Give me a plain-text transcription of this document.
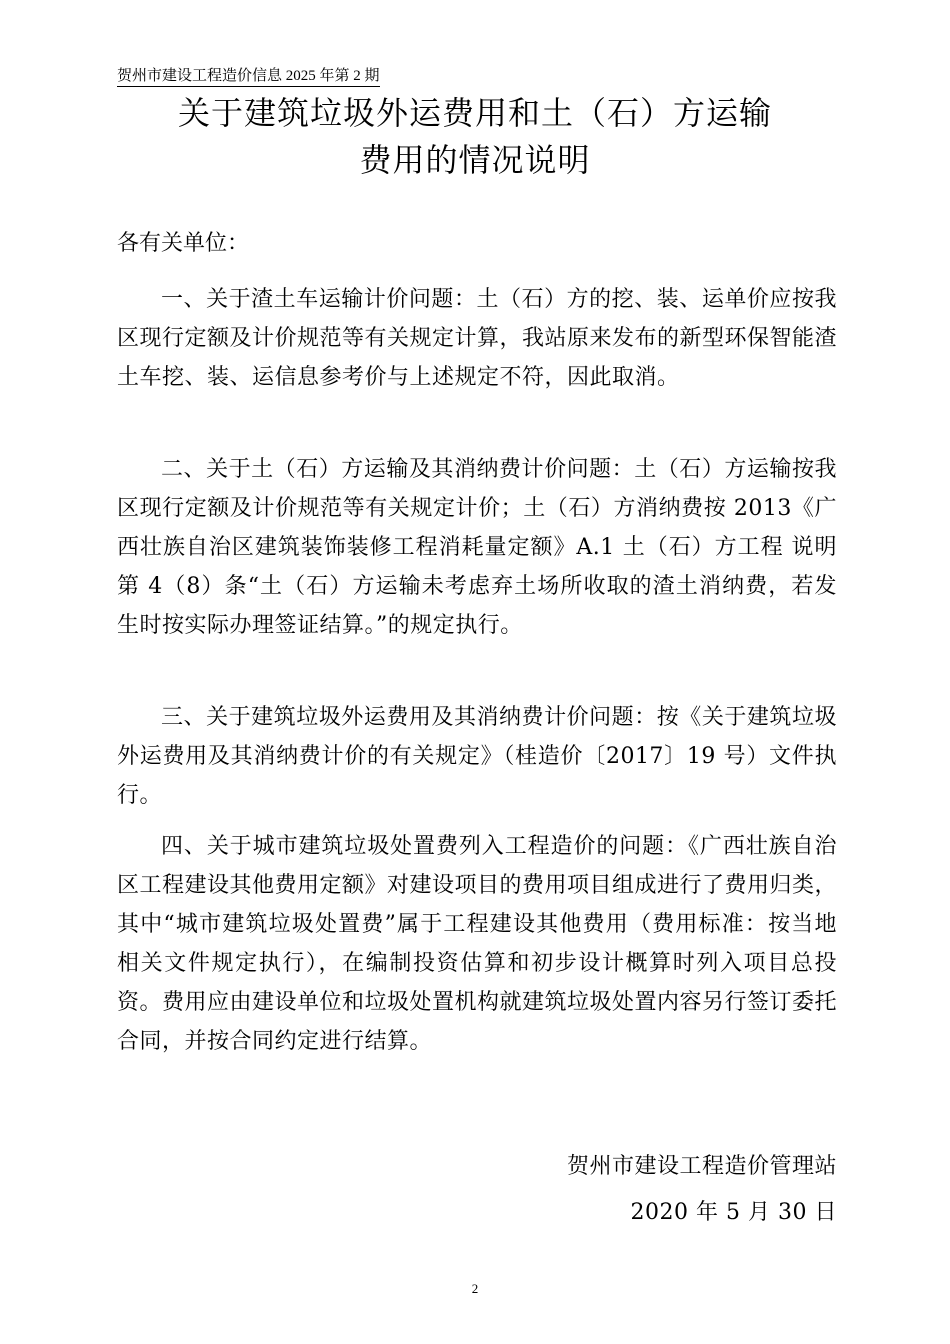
贺州市建设工程造价信息 2025 年第 2 期
关于建筑垃圾外运费用和土（石）方运输
费用的情况说明
各有关单位：

一、关于渣土车运输计价问题：土（石）方的挖、装、运单价应按我区现行定额及计价规范等有关规定计算，我站原来发布的新型环保智能渣土车挖、装、运信息参考价与上述规定不符，因此取消。

二、关于土（石）方运输及其消纳费计价问题：土（石）方运输按我区现行定额及计价规范等有关规定计价；土（石）方消纳费按 2013《广西壮族自治区建筑装饰装修工程消耗量定额》A.1 土（石）方工程 说明第 4（8）条“土（石）方运输未考虑弃土场所收取的渣土消纳费，若发生时按实际办理签证结算。”的规定执行。

三、关于建筑垃圾外运费用及其消纳费计价问题：按《关于建筑垃圾外运费用及其消纳费计价的有关规定》（桂造价〔2017〕19 号）文件执行。

四、关于城市建筑垃圾处置费列入工程造价的问题：《广西壮族自治区工程建设其他费用定额》对建设项目的费用项目组成进行了费用归类，其中“城市建筑垃圾处置费”属于工程建设其他费用（费用标准：按当地相关文件规定执行），在编制投资估算和初步设计概算时列入项目总投资。费用应由建设单位和垃圾处置机构就建筑垃圾处置内容另行签订委托合同，并按合同约定进行结算。

贺州市建设工程造价管理站
2020 年 5 月 30 日
2
